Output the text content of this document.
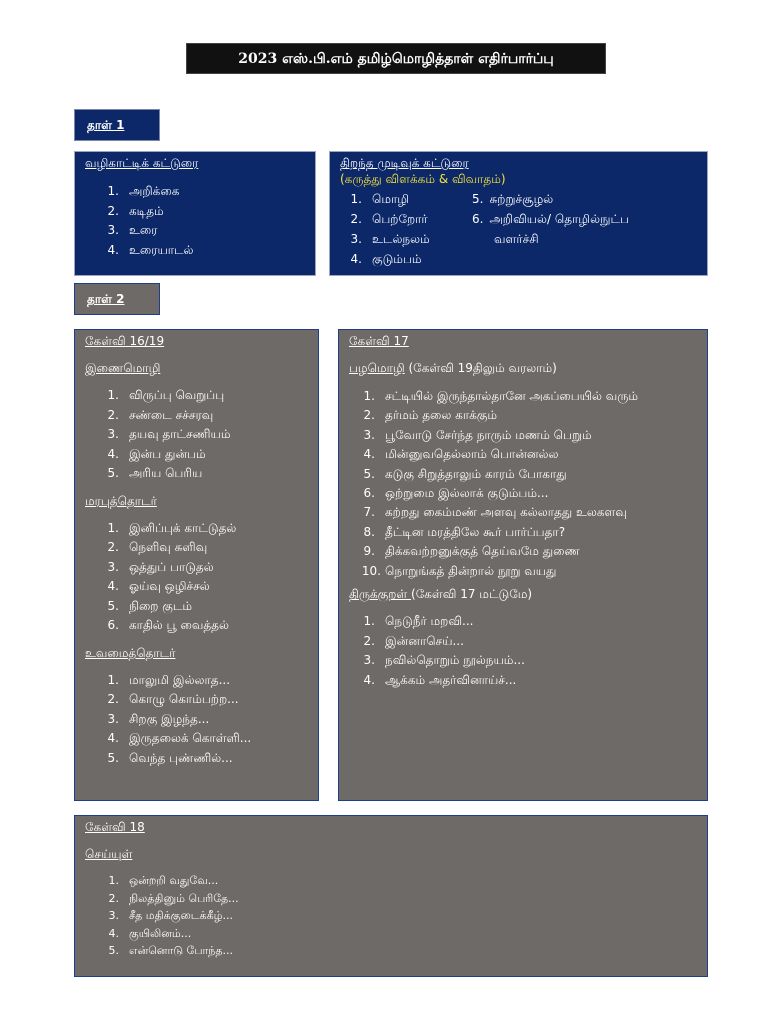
2023 எஸ்.பி.எம் தமிழ்மொழித்தாள் எதிர்பார்ப்பு
தாள் 1

வழிகாட்டிக் கட்டுரை

1. அறிக்கை
2. கடிதம்
3. உரை
4. உரையாடல்

திறந்த முடிவுக் கட்டுரை

(கருத்து விளக்கம் & விவாதம்)

1. மொழி
2. பெற்றோர்
3. உடல்நலம்
4. குடும்பம்
5. சுற்றுச்சூழல்
6. அறிவியல்/ தொழில்நுட்ப
வளர்ச்சி
தாள் 2

கேள்வி 16/19

இணைமொழி

1. விருப்பு வெறுப்பு
2. சண்டை சச்சரவு
3. தயவு தாட்சணியம்
4. இன்ப துன்பம்
5. அரிய பெரிய

மரபுத்தொடர்

1. இனிப்புக் காட்டுதல்
2. நெளிவு சுளிவு
3. ஒத்துப் பாடுதல்
4. ஓய்வு ஒழிச்சல்
5. நிறை குடம்
6. காதில் பூ வைத்தல்

உவமைத்தொடர்

1. மாலுமி இல்லாத...
2. கொழு கொம்பற்ற...
3. சிறகு இழந்த...
4. இருதலைக் கொள்ளி...
5. வெந்த புண்ணில்...

கேள்வி 17

பழமொழி (கேள்வி 19திலும் வரலாம்)

1. சட்டியில் இருந்தால்தானே அகப்பையில் வரும்
2. தர்மம் தலை காக்கும்
3. பூவோடு சேர்ந்த நாரும் மணம் பெறும்
4. மின்னுவதெல்லாம் பொன்னல்ல
5. கடுகு சிறுத்தாலும் காரம் போகாது
6. ஒற்றுமை இல்லாக் குடும்பம்...
7. கற்றது கைம்மண் அளவு கல்லாதது உலகளவு
8. தீட்டின மரத்திலே கூர் பார்ப்பதா?
9. திக்கவற்றனுக்குத் தெய்வமே துணை
10. நொறுங்கத் தின்றால் நூறு வயது

திருக்குறள் (கேள்வி 17 மட்டுமே)

1. நெடுநீர் மறவி...
2. இன்னாசெய்...
3. நவில்தொறும் நூல்நயம்...
4. ஆக்கம் அதர்வினாய்ச்...

கேள்வி 18

செய்யுள்

1. ஒன்றறி வதுவே...
2. நிலத்தினும் பெரிதே...
3. சீத மதிக்குடைக்கீழ்...
4. குயிலினம்...
5. என்னொடு போந்த...
